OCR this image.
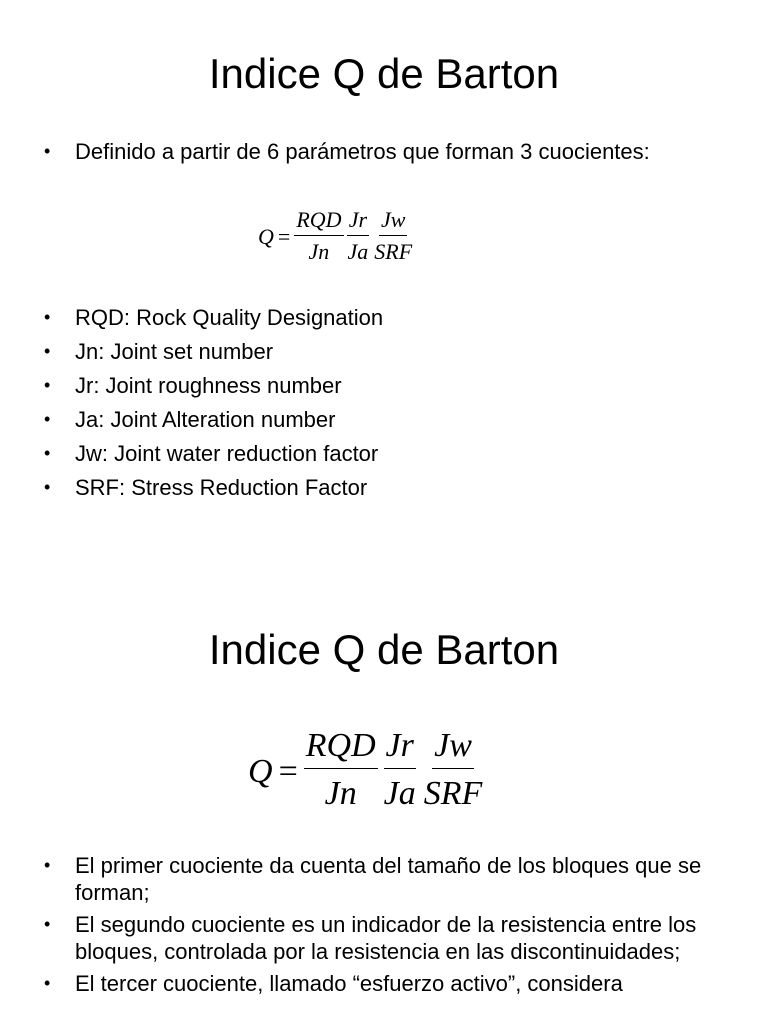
Indice Q de Barton
• Definido a partir de 6 parámetros que forman 3 cuocientes:
$Q = \frac{\text{RQD}}{Jn} \frac{Jr}{Ja} \frac{Jw}{\text{SRF}}$
• RQD: Rock Quality Designation
• Jn: Joint set number
• Jr: Joint roughness number
• Ja: Joint Alteration number
• Jw: Joint water reduction factor
• SRF: Stress Reduction Factor
Indice Q de Barton
$Q = \frac{\text{RQD}}{Jn} \frac{Jr}{Ja} \frac{Jw}{\text{SRF}}$
• El primer cuociente da cuenta del tamaño de los bloques que se forman;
• El segundo cuociente es un indicador de la resistencia entre los bloques, controlada por la resistencia en las discontinuidades;
• El tercer cuociente, llamado “esfuerzo activo”, considera
